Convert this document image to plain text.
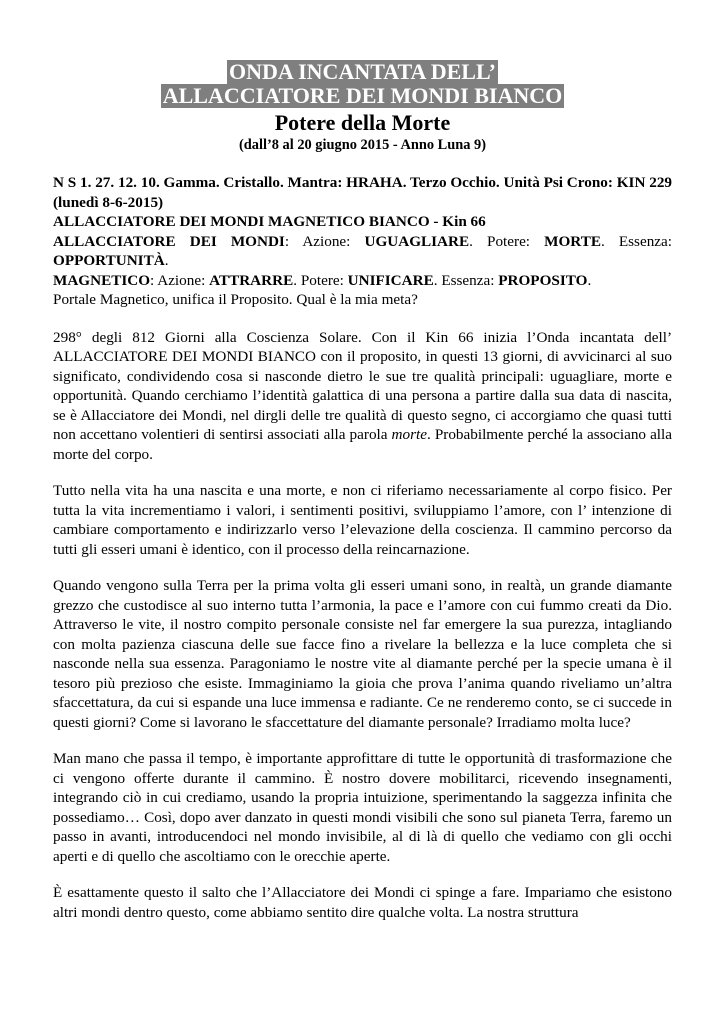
ONDA INCANTATA DELL’
ALLACCIATORE DEI MONDI BIANCO
Potere della Morte
(dall’8 al 20 giugno 2015 - Anno Luna 9)

N S 1. 27. 12. 10. Gamma. Cristallo. Mantra: HRAHA. Terzo Occhio. Unità Psi Crono: KIN 229 (lunedì 8-6-2015)

ALLACCIATORE DEI MONDI MAGNETICO BIANCO - Kin 66

ALLACCIATORE DEI MONDI: Azione: UGUAGLIARE. Potere: MORTE. Essenza: OPPORTUNITÀ.

MAGNETICO: Azione: ATTRARRE. Potere: UNIFICARE. Essenza: PROPOSITO.

Portale Magnetico, unifica il Proposito. Qual è la mia meta?

298° degli 812 Giorni alla Coscienza Solare. Con il Kin 66 inizia l’Onda incantata dell’ ALLACCIATORE DEI MONDI BIANCO con il proposito, in questi 13 giorni, di avvicinarci al suo significato, condividendo cosa si nasconde dietro le sue tre qualità principali: uguagliare, morte e opportunità. Quando cerchiamo l’identità galattica di una persona a partire dalla sua data di nascita, se è Allacciatore dei Mondi, nel dirgli delle tre qualità di questo segno, ci accorgiamo che quasi tutti non accettano volentieri di sentirsi associati alla parola morte. Probabilmente perché la associano alla morte del corpo.

Tutto nella vita ha una nascita e una morte, e non ci riferiamo necessariamente al corpo fisico. Per tutta la vita incrementiamo i valori, i sentimenti positivi, sviluppiamo l’amore, con l’ intenzione di cambiare comportamento e indirizzarlo verso l’elevazione della coscienza. Il cammino percorso da tutti gli esseri umani è identico, con il processo della reincarnazione.

Quando vengono sulla Terra per la prima volta gli esseri umani sono, in realtà, un grande diamante grezzo che custodisce al suo interno tutta l’armonia, la pace e l’amore con cui fummo creati da Dio. Attraverso le vite, il nostro compito personale consiste nel far emergere la sua purezza, intagliando con molta pazienza ciascuna delle sue facce fino a rivelare la bellezza e la luce completa che si nasconde nella sua essenza. Paragoniamo le nostre vite al diamante perché per la specie umana è il tesoro più prezioso che esiste. Immaginiamo la gioia che prova l’anima quando riveliamo un’altra sfaccettatura, da cui si espande una luce immensa e radiante. Ce ne renderemo conto, se ci succede in questi giorni? Come si lavorano le sfaccettature del diamante personale? Irradiamo molta luce?

Man mano che passa il tempo, è importante approfittare di tutte le opportunità di trasformazione che ci vengono offerte durante il cammino. È nostro dovere mobilitarci, ricevendo insegnamenti, integrando ciò in cui crediamo, usando la propria intuizione, sperimentando la saggezza infinita che possediamo… Così, dopo aver danzato in questi mondi visibili che sono sul pianeta Terra, faremo un passo in avanti, introducendoci nel mondo invisibile, al di là di quello che vediamo con gli occhi aperti e di quello che ascoltiamo con le orecchie aperte.

È esattamente questo il salto che l’Allacciatore dei Mondi ci spinge a fare. Impariamo che esistono altri mondi dentro questo, come abbiamo sentito dire qualche volta. La nostra struttura
